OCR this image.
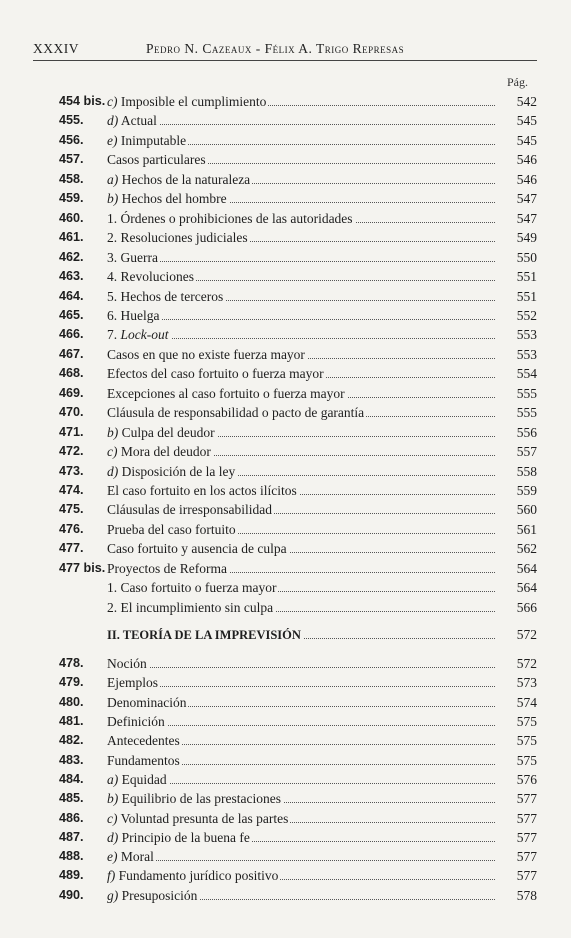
XXXIV	Pedro N. Cazeaux - Félix A. Trigo Represas
Pág.
454 bis. c) Imposible el cumplimiento	542
455.	d) Actual	545
456.	e) Inimputable	545
457.	Casos particulares	546
458.	a) Hechos de la naturaleza	546
459.	b) Hechos del hombre	547
460.	1. Órdenes o prohibiciones de las autoridades	547
461.	2. Resoluciones judiciales	549
462.	3. Guerra	550
463.	4. Revoluciones	551
464.	5. Hechos de terceros	551
465.	6. Huelga	552
466.	7. Lock-out	553
467.	Casos en que no existe fuerza mayor	553
468.	Efectos del caso fortuito o fuerza mayor	554
469.	Excepciones al caso fortuito o fuerza mayor	555
470.	Cláusula de responsabilidad o pacto de garantía	555
471.	b) Culpa del deudor	556
472.	c) Mora del deudor	557
473.	d) Disposición de la ley	558
474.	El caso fortuito en los actos ilícitos	559
475.	Cláusulas de irresponsabilidad	560
476.	Prueba del caso fortuito	561
477.	Caso fortuito y ausencia de culpa	562
477 bis. Proyectos de Reforma	564
1. Caso fortuito o fuerza mayor	564
2. El incumplimiento sin culpa	566
II. TEORÍA DE LA IMPREVISIÓN	572
478.	Noción	572
479.	Ejemplos	573
480.	Denominación	574
481.	Definición	575
482.	Antecedentes	575
483.	Fundamentos	575
484.	a) Equidad	576
485.	b) Equilibrio de las prestaciones	577
486.	c) Voluntad presunta de las partes	577
487.	d) Principio de la buena fe	577
488.	e) Moral	577
489.	f) Fundamento jurídico positivo	577
490.	g) Presuposición	578
